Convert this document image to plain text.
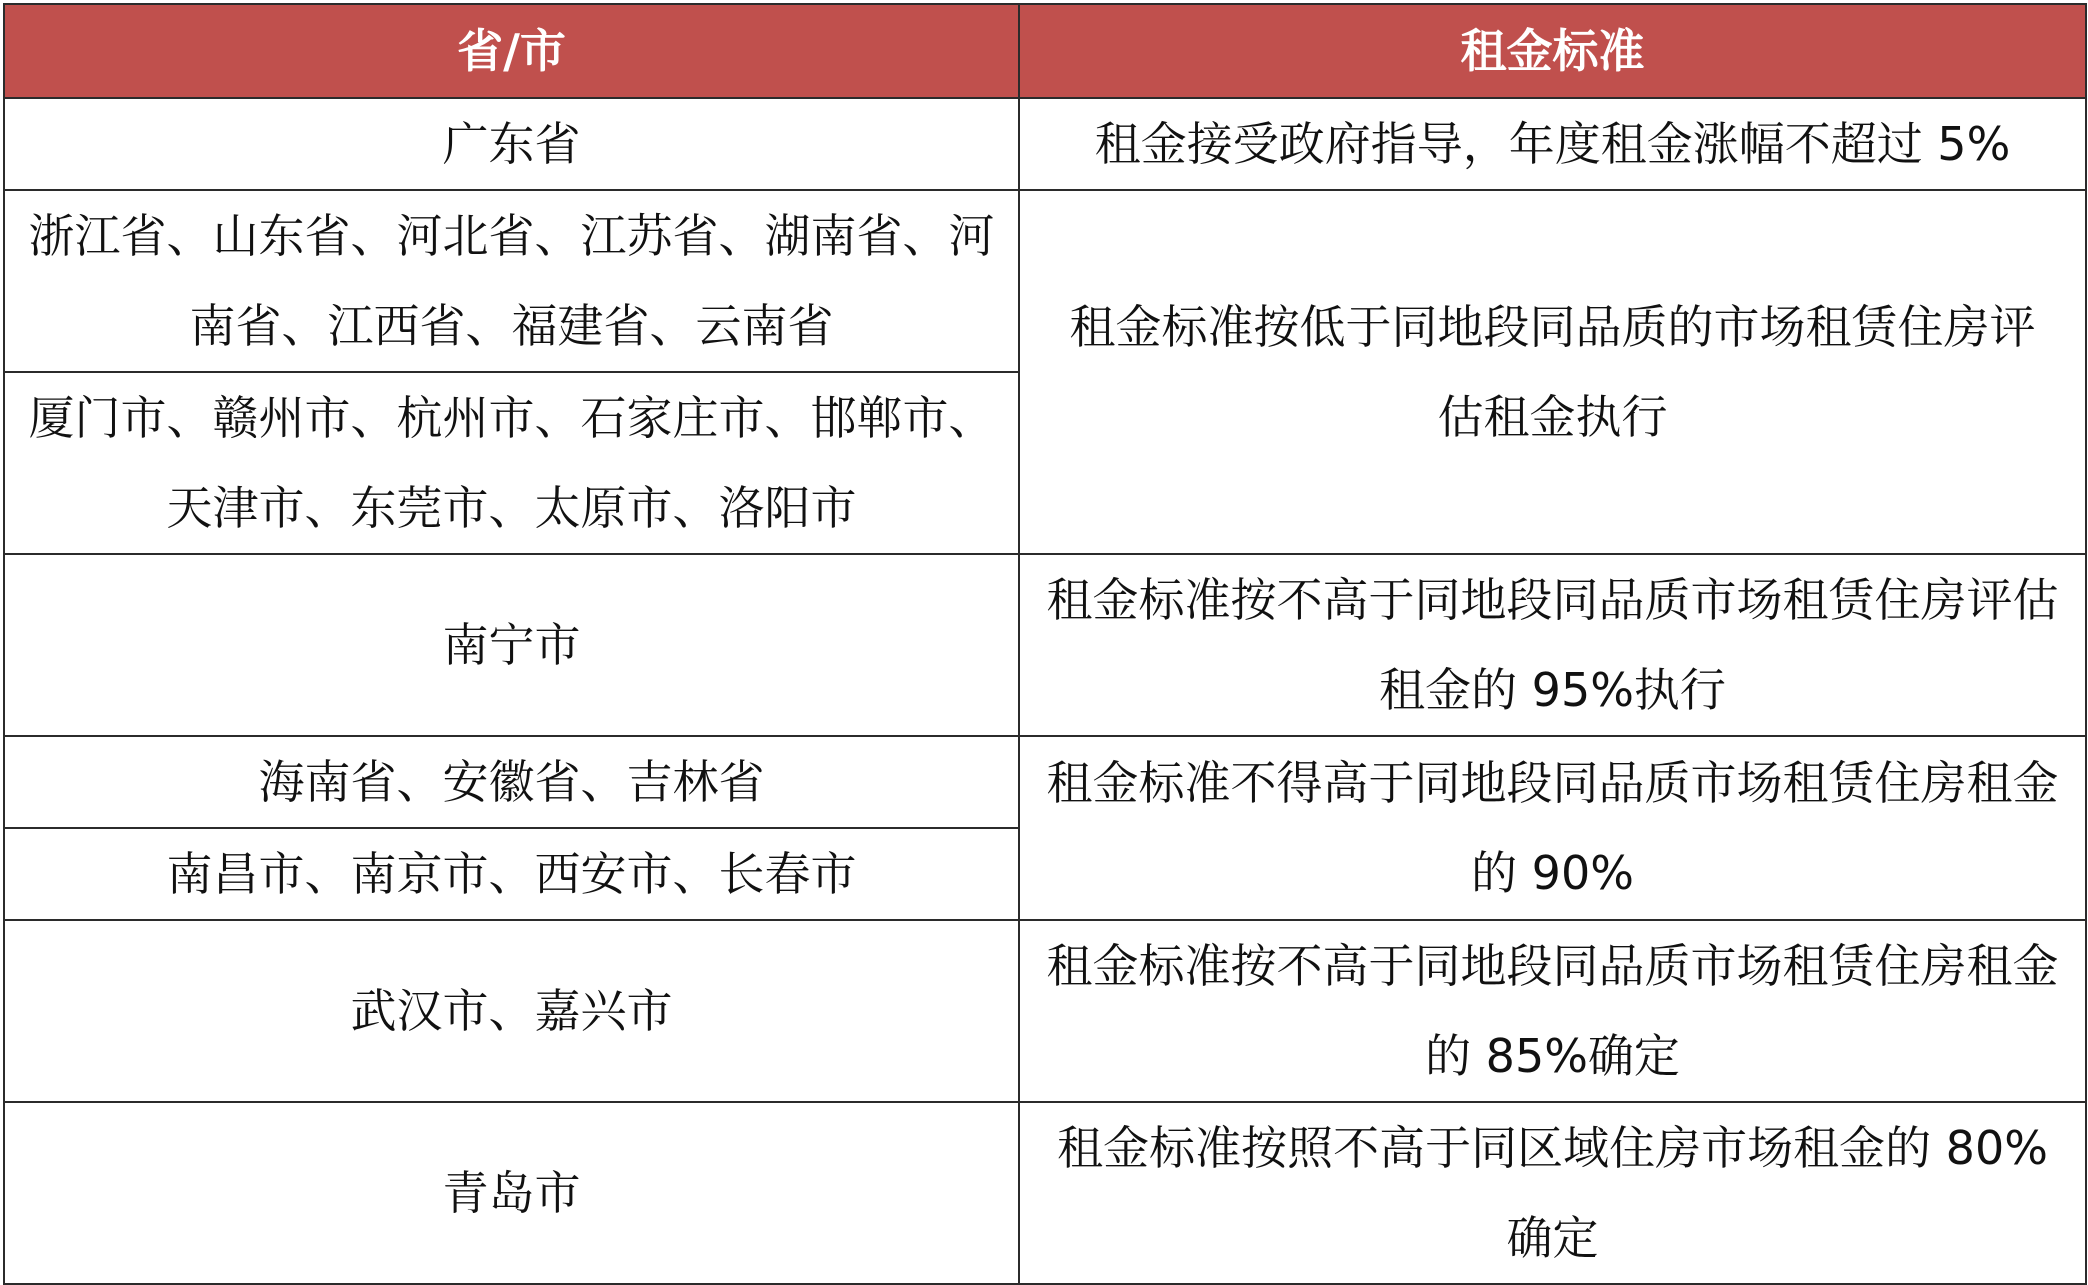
省/市	租金标准
广东省	租金接受政府指导，年度租金涨幅不超过 5%
浙江省、山东省、河北省、江苏省、湖南省、河南省、江西省、福建省、云南省	租金标准按低于同地段同品质的市场租赁住房评估租金执行

厦门市、赣州市、杭州市、石家庄市、邯郸市、天津市、东莞市、太原市、洛阳市	
南宁市	租金标准按不高于同地段同品质市场租赁住房评估租金的 95%执行
海南省、安徽省、吉林省	租金标准不得高于同地段同品质市场租赁住房租金的 90%
南昌市、南京市、西安市、长春市	
武汉市、嘉兴市	租金标准按不高于同地段同品质市场租赁住房租金的 85%确定
青岛市	租金标准按照不高于同区域住房市场租金的 80%确定
